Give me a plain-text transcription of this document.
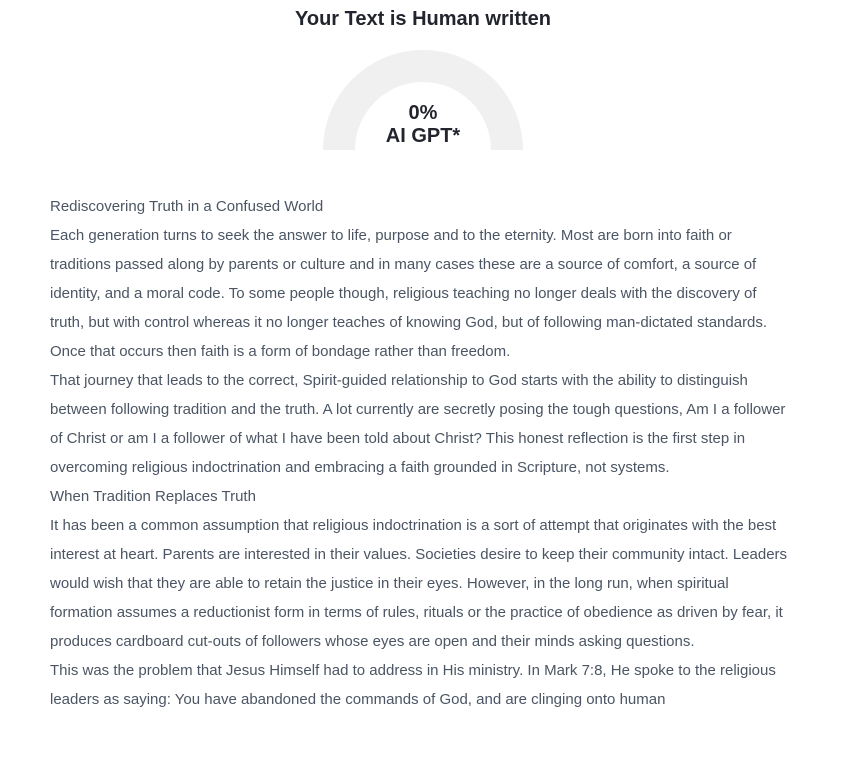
Your Text is Human written
0%
AI GPT*

Rediscovering Truth in a Confused World

Each generation turns to seek the answer to life, purpose and to the eternity. Most are born into faith or traditions passed along by parents or culture and in many cases these are a source of comfort, a source of identity, and a moral code. To some people though, religious teaching no longer deals with the discovery of truth, but with control whereas it no longer teaches of knowing God, but of following man-dictated standards. Once that occurs then faith is a form of bondage rather than freedom.

That journey that leads to the correct, Spirit-guided relationship to God starts with the ability to distinguish between following tradition and the truth. A lot currently are secretly posing the tough questions, Am I a follower of Christ or am I a follower of what I have been told about Christ? This honest reflection is the first step in overcoming religious indoctrination and embracing a faith grounded in Scripture, not systems.

When Tradition Replaces Truth

It has been a common assumption that religious indoctrination is a sort of attempt that originates with the best interest at heart. Parents are interested in their values. Societies desire to keep their community intact. Leaders would wish that they are able to retain the justice in their eyes. However, in the long run, when spiritual formation assumes a reductionist form in terms of rules, rituals or the practice of obedience as driven by fear, it produces cardboard cut-outs of followers whose eyes are open and their minds asking questions.

This was the problem that Jesus Himself had to address in His ministry. In Mark 7:8, He spoke to the religious leaders as saying: You have abandoned the commands of God, and are clinging onto human
